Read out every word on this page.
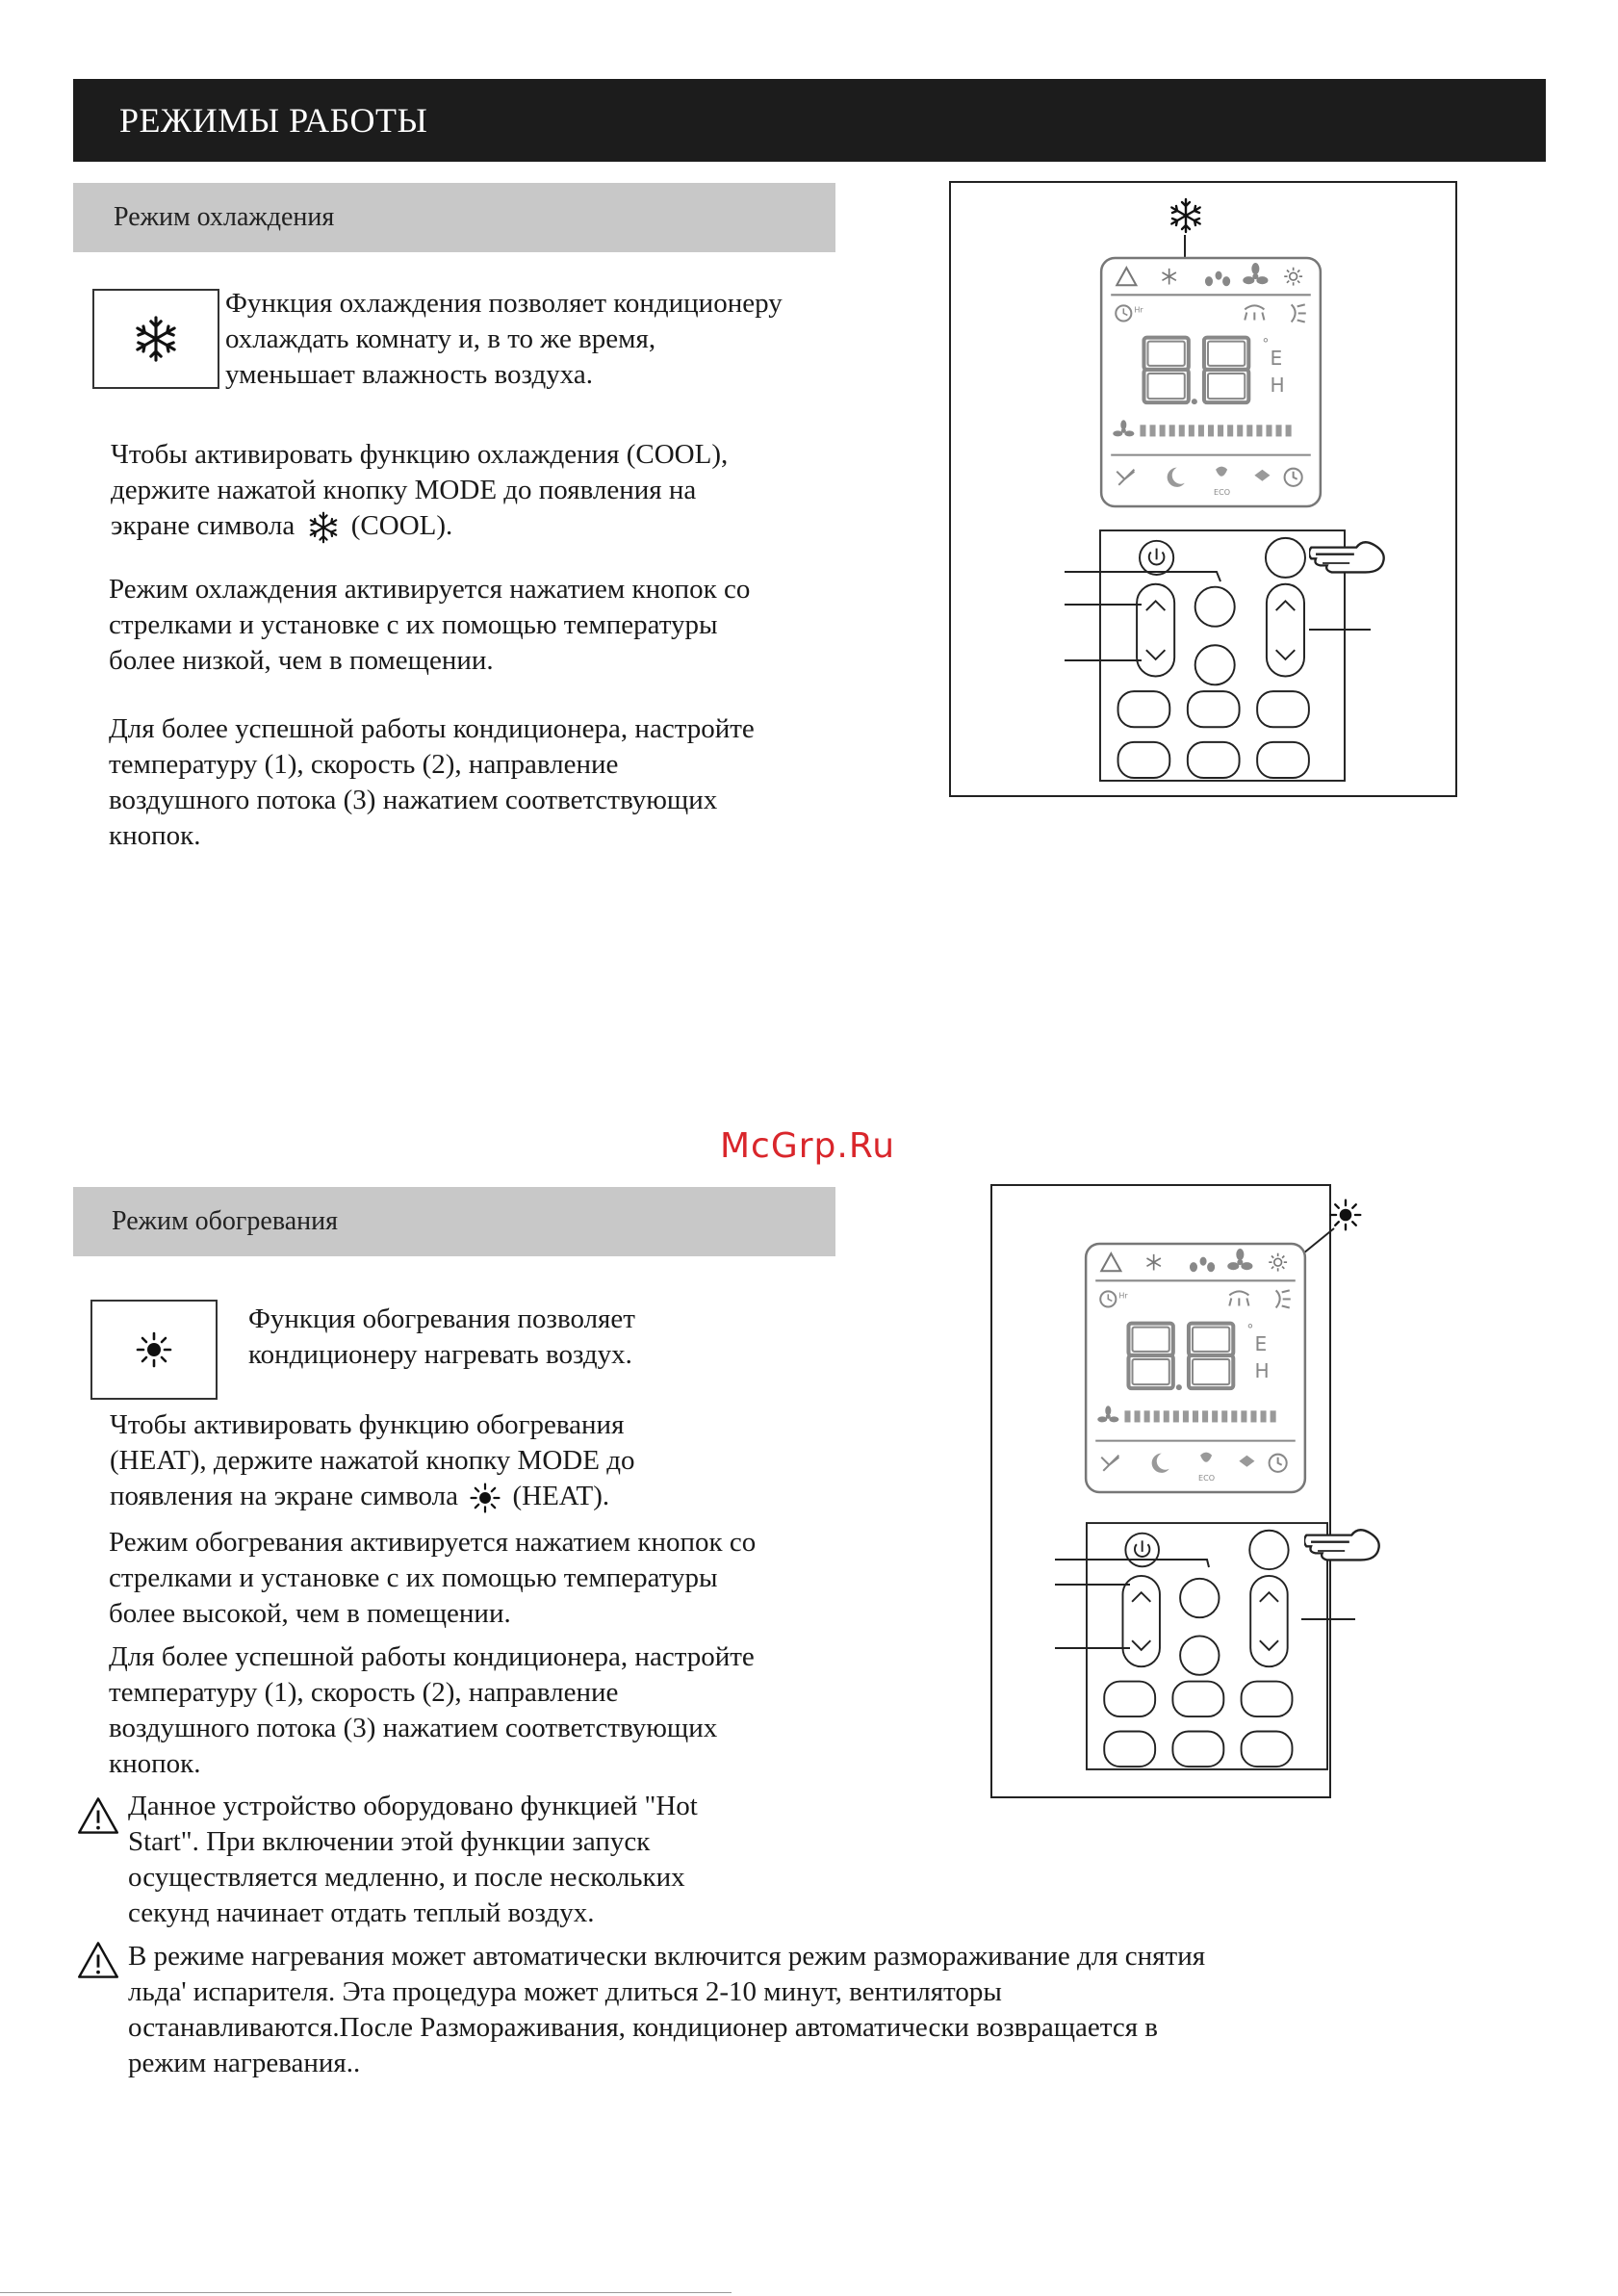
РЕЖИМЫ РАБОТЫ
Режим охлаждения

Функция охлаждения позволяет кондиционеру

охлаждать комнату и, в то же время,

уменьшает влажность воздуха.

Чтобы активировать функцию охлаждения (COOL),

держите нажатой кнопку MODE до появления на

экране символа (COOL).

Режим охлаждения активируется нажатием кнопок со

стрелками и установке с их помощью температуры

более низкой, чем в помещении.

Для более успешной работы кондиционера, настройте

температуру (1), скорость (2), направление

воздушного потока (3) нажатием соответствующих

кнопок.

McGrp.Ru
Режим обогревания

Функция обогревания позволяет

кондиционеру нагревать воздух.

Чтобы активировать функцию обогревания

(HEAT), держите нажатой кнопку MODE до

появления на экране символа (HEAT).

Режим обогревания активируется нажатием кнопок со

стрелками и установке с их помощью температуры

более высокой, чем в помещении.

Для более успешной работы кондиционера, настройте

температуру (1), скорость (2), направление

воздушного потока (3) нажатием соответствующих

кнопок.

Данное устройство оборудовано функцией "Hot

Start". При включении этой функции запуск

осуществляется медленно, и после нескольких

секунд начинает отдать теплый воздух.

В режиме нагревания может автоматически включится режим размораживание для снятия

льда' испарителя. Эта процедура может длиться 2-10 минут, вентиляторы

останавливаются.После Размораживания, кондиционер автоматически возвращается в

режим нагревания..
